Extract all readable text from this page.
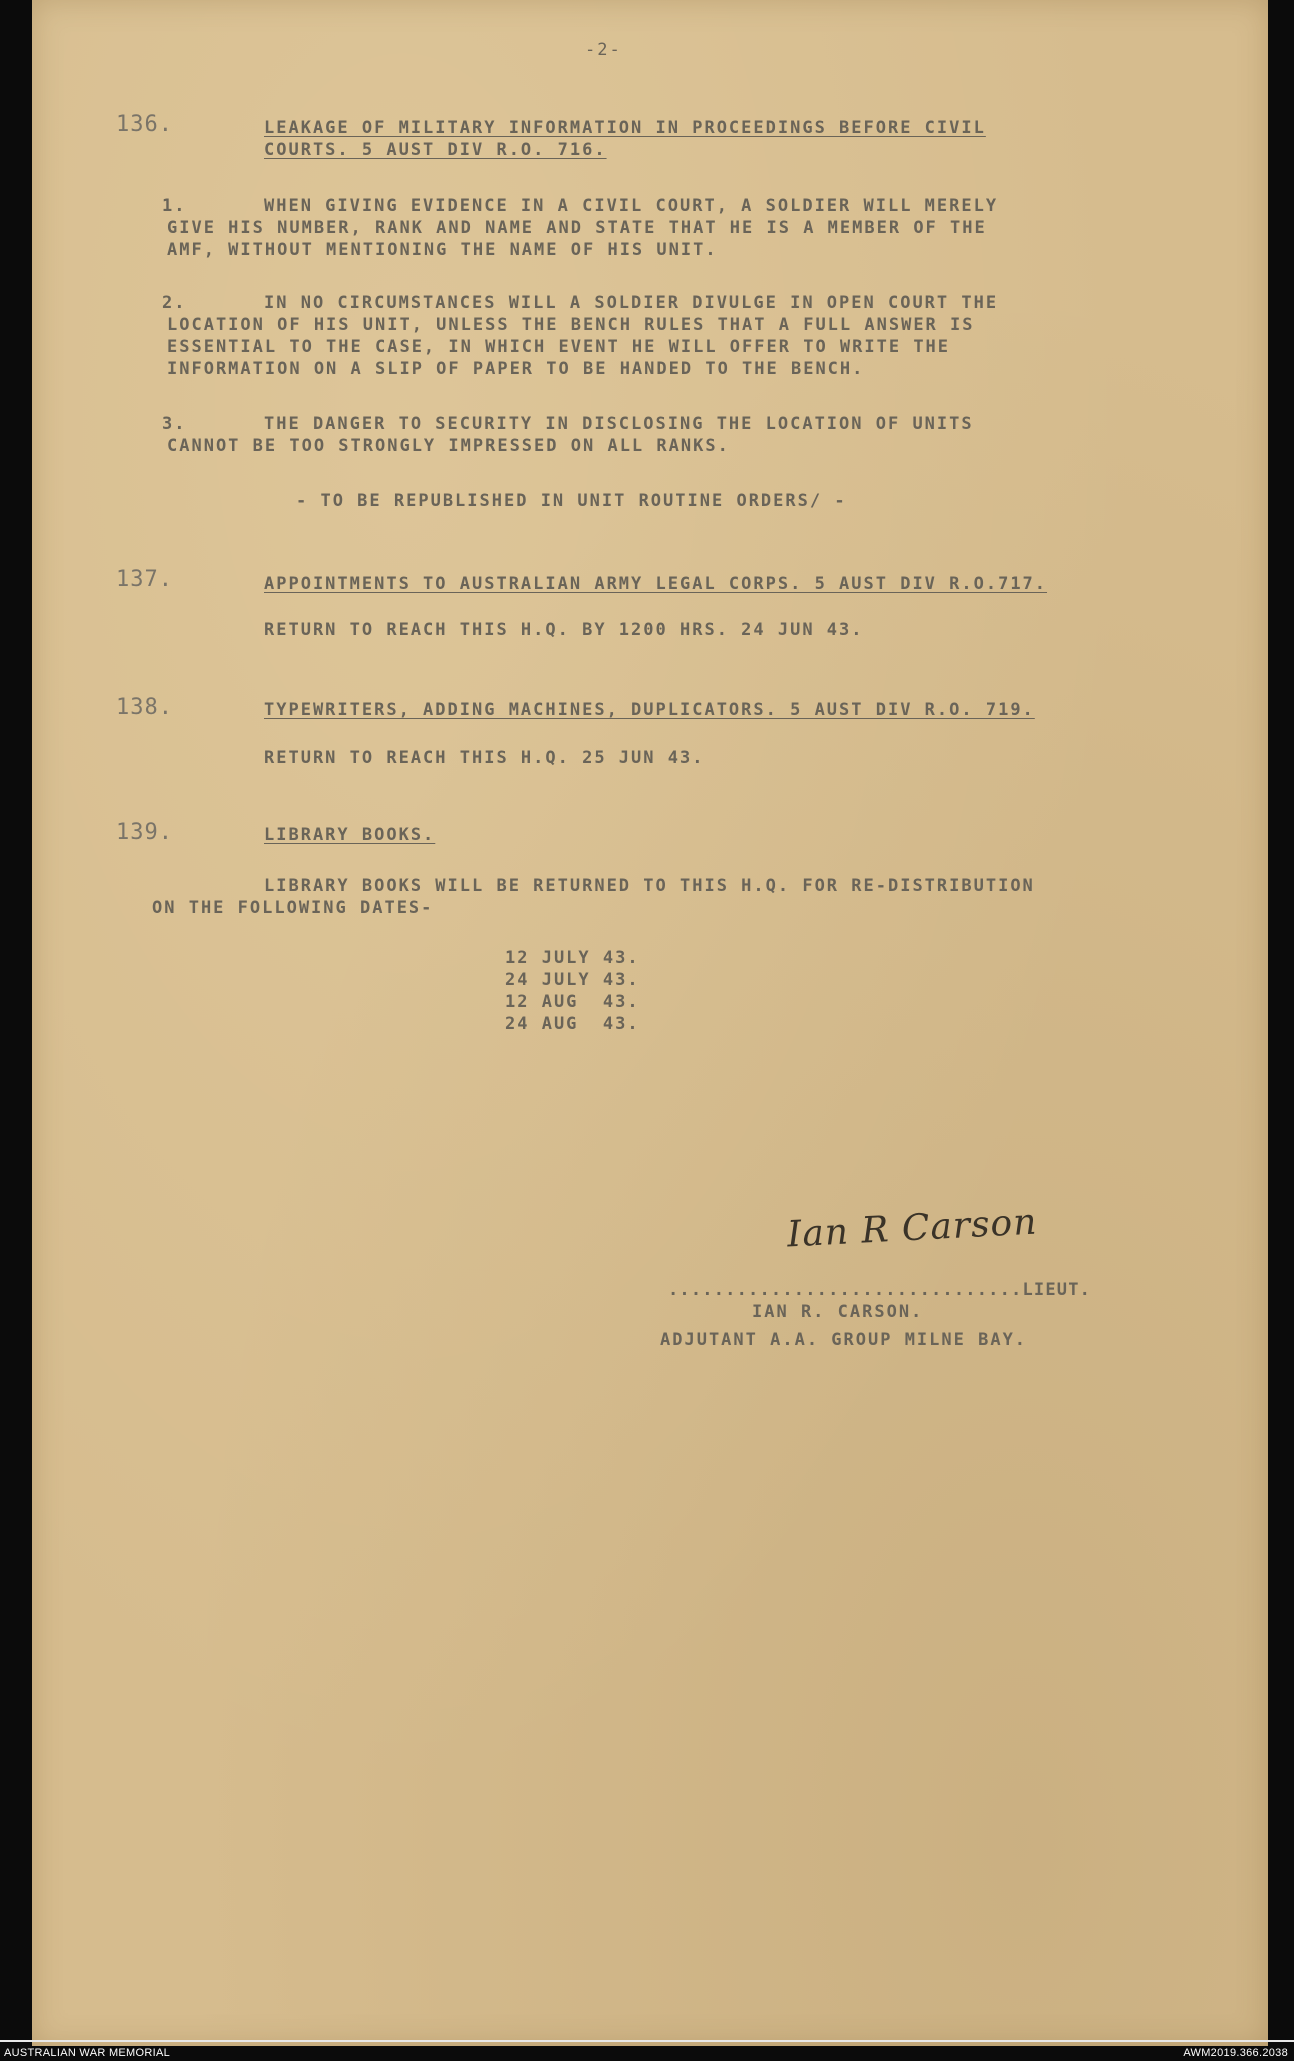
-2-
136.	LEAKAGE OF MILITARY INFORMATION IN PROCEEDINGS BEFORE CIVIL
COURTS. 5 AUST DIV R.O. 716.
1.	WHEN GIVING EVIDENCE IN A CIVIL COURT, A SOLDIER WILL MERELY
GIVE HIS NUMBER, RANK AND NAME AND STATE THAT HE IS A MEMBER OF THE
AMF, WITHOUT MENTIONING THE NAME OF HIS UNIT.
2.	IN NO CIRCUMSTANCES WILL A SOLDIER DIVULGE IN OPEN COURT THE
LOCATION OF HIS UNIT, UNLESS THE BENCH RULES THAT A FULL ANSWER IS
ESSENTIAL TO THE CASE, IN WHICH EVENT HE WILL OFFER TO WRITE THE
INFORMATION ON A SLIP OF PAPER TO BE HANDED TO THE BENCH.
3.	THE DANGER TO SECURITY IN DISCLOSING THE LOCATION OF UNITS
CANNOT BE TOO STRONGLY IMPRESSED ON ALL RANKS.
- TO BE REPUBLISHED IN UNIT ROUTINE ORDERS/ -
137.	APPOINTMENTS TO AUSTRALIAN ARMY LEGAL CORPS. 5 AUST DIV R.O.717.
RETURN TO REACH THIS H.Q. BY 1200 HRS. 24 JUN 43.
138.	TYPEWRITERS, ADDING MACHINES, DUPLICATORS. 5 AUST DIV R.O. 719.
RETURN TO REACH THIS H.Q. 25 JUN 43.
139.	LIBRARY BOOKS.
LIBRARY BOOKS WILL BE RETURNED TO THIS H.Q. FOR RE-DISTRIBUTION
ON THE FOLLOWING DATES-
12 JULY 43.
24 JULY 43.
12 AUG  43.
24 AUG  43.
Ian R Carson
...............................LIEUT.
IAN R. CARSON.
ADJUTANT A.A. GROUP MILNE BAY.
AUSTRALIAN WAR MEMORIAL	AWM2019.366.2038
